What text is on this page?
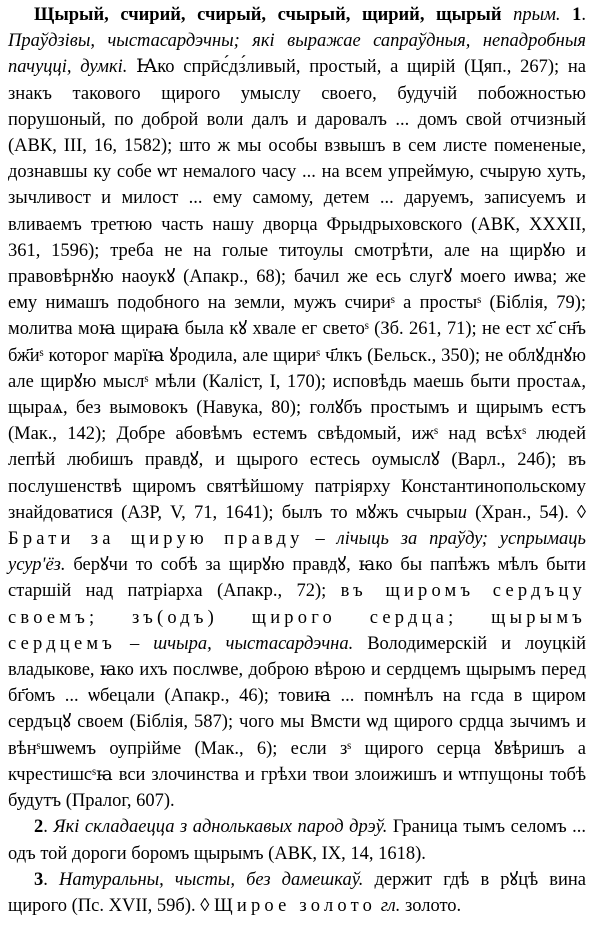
Щырый, счирий, счирый, счырый, щирий, щырый прым. 1. Праўдзівы, чыстасардэчны; які выражае сапраўдныя, непадробныя пачуцці, думкі. Ꙗко спрӣс́дз́ливый, простый, а щирій (Цяп., 267); на знакъ такового щирого умыслу своего, будучій побожностью порушоный, по доброй воли далъ и даровалъ ... домъ свой отчизный (АВК, III, 16, 1582); што ж мы особы взвышъ в сем листе помененые, дознавшы ку собе ѡт немалого часу ... на всем упреймую, счырую хуть, зычливост и милост ... ему самому, детем ... даруемъ, записуемъ и вливаемъ третюю часть нашу дворца Фрыдрыховского (АВК, XXXII, 361, 1596); треба не на голые титоулы смотрѣти, але на щирꙋю и правовѣрнꙋю наоукꙋ (Апакр., 68); бачил же есь слугꙋ моего иѡва; же ему нимашъ подобного на земли, мужъ счириˢ а простыˢ (Біблія, 79); молитва моꙗ щираꙗ была кꙋ хвале ег светоˢ (Зб. 261, 71); не ест хс҃ сн҃ъ бж҃иˢ которог марїꙗ ꙋродила, але щириˢ ч҃лкъ (Бельск., 350); не облꙋднꙋю але щирꙋю мыслˢ мѣли (Каліст, I, 170); исповѣдь маешь быти простаѧ, щыраѧ, без вымовокъ (Навука, 80); голꙋбъ простымъ и щирымъ естъ (Мак., 142); Добре абовѣмъ естемъ свѣдомый, ижˢ над всѣхˢ людей лепѣй любишъ правдꙋ, и щырого естесь оумыслꙋ (Варл., 24б); въ послушенствѣ щиромъ святѣйшому патріярху Константинопольскому знайдоватися (АЗР, V, 71, 1641); былъ то мꙋжъ счырыи (Хран., 54). ◊ Брати за щирую правду – лічыць за праўду; успрымаць усур'ёз. берꙋчи то собѣ за щирꙋю правдꙋ, ꙗко бы папѣжъ мѣлъ быти старшій над патріарха (Апакр., 72); въ щиромъ сердъцу своемъ; зъ(одъ) щирого сердца; щырымъ сердцемъ – шчыра, чыстасардэчна. Володимерскій и лоуцкій владыкове, ꙗко ихъ послѡве, доброю вѣрою и сердцемъ щырымъ перед бг҃омъ ... ѡбецали (Апакр., 46); товиꙗ ... помнѣлъ на гсда в щиром сердъцꙋ своем (Біблія, 587); чого мы Вмсти ѡд щирого срдца зычимъ и вѣнˢшѡемъ оупрійме (Мак., 6); если зˢ щирого серца ꙋвѣришъ а кчрестишсˢꙗ вси злочинства и грѣхи твои злоижишъ и ѡтпущоны тобѣ будутъ (Пралог, 607).

2. Які складаецца з аднолькавых парод дрэў. Граница тымъ селомъ ... одъ той дороги боромъ щырымъ (АВК, IX, 14, 1618).

3. Натуральны, чысты, без дамешкаў. держит гдѣ в рꙋцѣ вина щирого (Пс. XVII, 59б). ◊ Щирое золото гл. золото.
